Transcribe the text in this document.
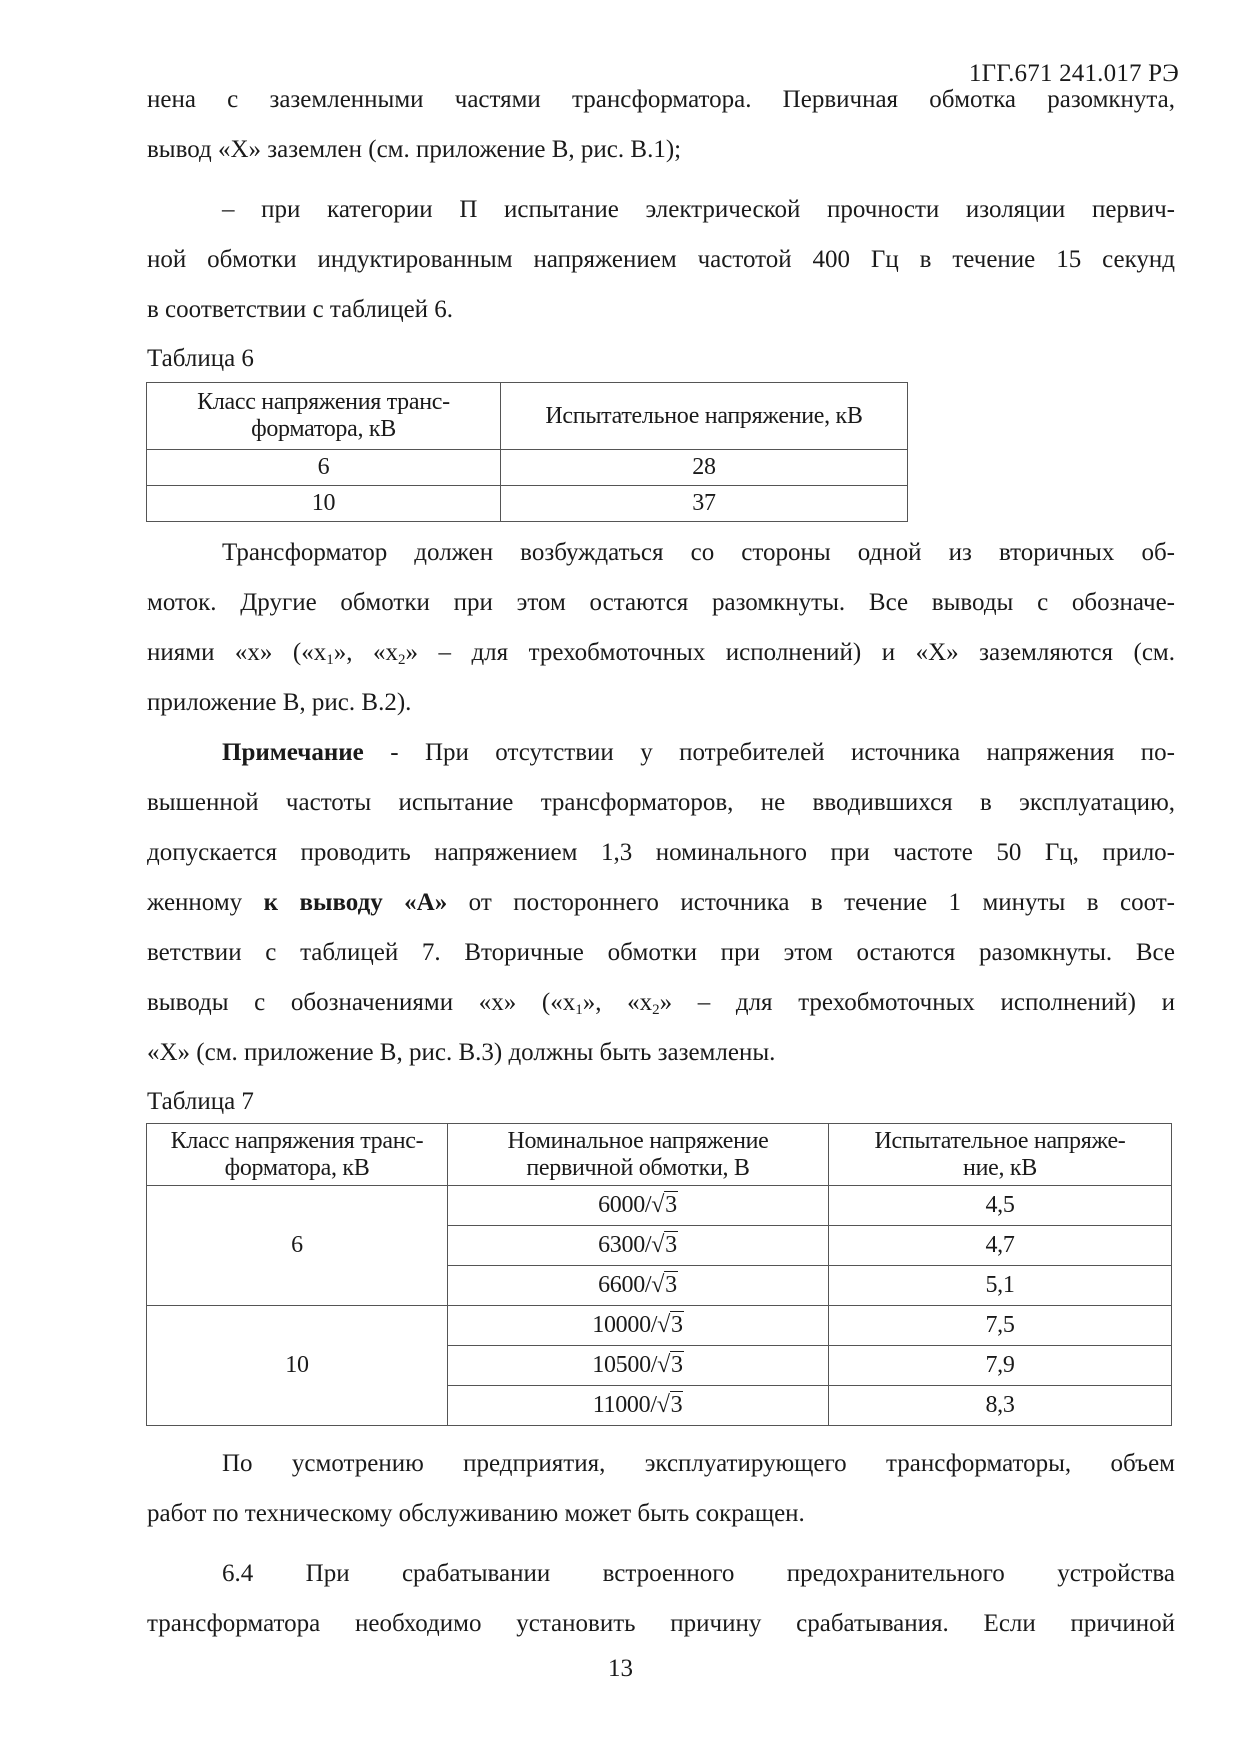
1ГГ.671 241.017 РЭ
нена с заземленными частями трансформатора. Первичная обмотка разомкнута,
вывод «Х» заземлен (см. приложение В, рис. В.1);
– при категории П испытание электрической прочности изоляции первич-
ной обмотки индуктированным напряжением частотой 400 Гц в течение 15 секунд
в соответствии с таблицей 6.
Таблица 6
Класс напряжения транс-
форматора, кВ	Испытательное напряжение, кВ
6	28
10	37
Трансформатор должен возбуждаться со стороны одной из вторичных об-
моток. Другие обмотки при этом остаются разомкнуты. Все выводы с обозначе-
ниями «х» («$х_1$», «$х_2$» – для трехобмоточных исполнений) и «Х» заземляются (см.
приложение В, рис. В.2).
Примечание - При отсутствии у потребителей источника напряжения по-
вышенной частоты испытание трансформаторов, не вводившихся в эксплуатацию,
допускается проводить напряжением 1,3 номинального при частоте 50 Гц, прило-
женному к выводу «А» от постороннего источника в течение 1 минуты в соот-
ветствии с таблицей 7. Вторичные обмотки при этом остаются разомкнуты. Все
выводы с обозначениями «х» («$х_1$», «$х_2$» – для трехобмоточных исполнений) и
«Х» (см. приложение В, рис. В.3) должны быть заземлены.
Таблица 7
Класс напряжения транс-
форматора, кВ	Номинальное напряжение
первичной обмотки, В	Испытательное напряже-
ние, кВ
6	6000/√3	4,5
	6300/√3	4,7
	6600/√3	5,1
10	10000/√3	7,5
	10500/√3	7,9
	11000/√3	8,3
По усмотрению предприятия, эксплуатирующего трансформаторы, объем
работ по техническому обслуживанию может быть сокращен.
6.4 При срабатывании встроенного предохранительного устройства
трансформатора необходимо установить причину срабатывания. Если причиной
13
